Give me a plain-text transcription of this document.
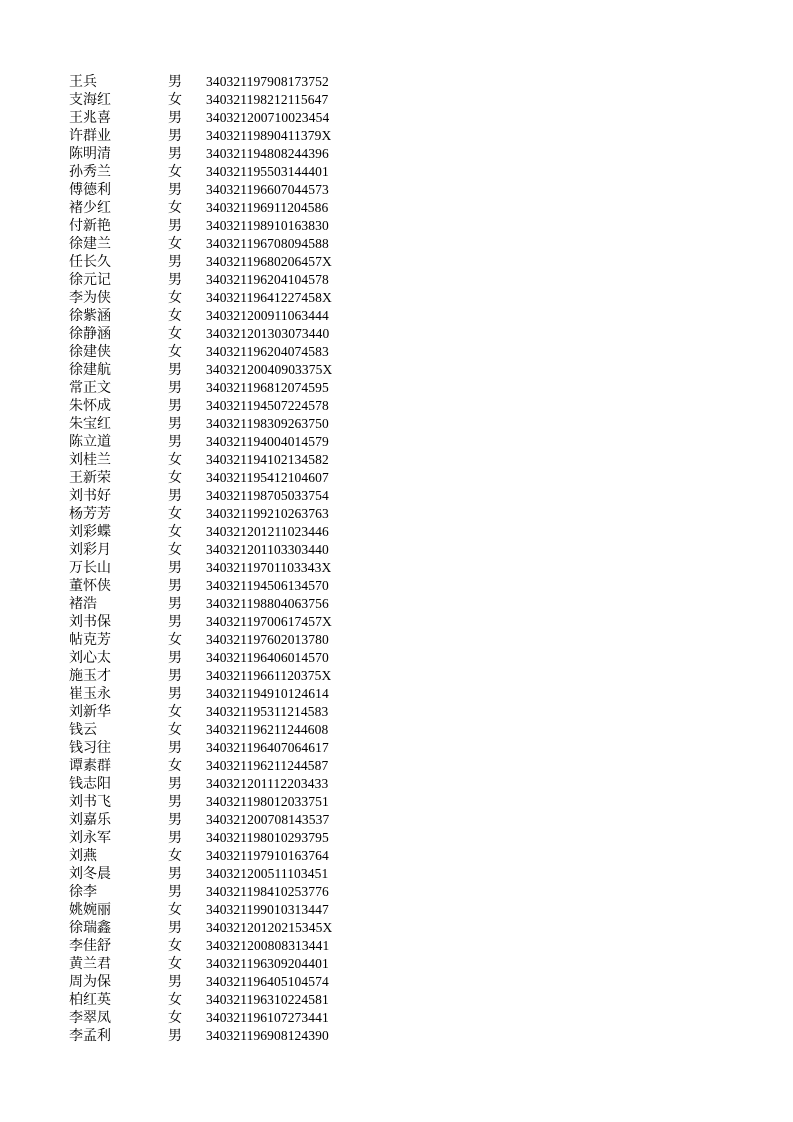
王兵	男 340321197908173752
支海红	女 340321198212115647
王兆喜	男 340321200710023454
许群业	男 34032119890411379X
陈明清	男 340321194808244396
孙秀兰	女 340321195503144401
傅德利	男 340321196607044573
褚少红	女 340321196911204586
付新艳	男 340321198910163830
徐建兰	女 340321196708094588
任长久	男 34032119680206457X
徐元记	男 340321196204104578
李为侠	女 34032119641227458X
徐紫涵	女 340321200911063444
徐静涵	女 340321201303073440
徐建侠	女 340321196204074583
徐建航	男 34032120040903375X
常正文	男 340321196812074595
朱怀成	男 340321194507224578
朱宝红	男 340321198309263750
陈立道	男 340321194004014579
刘桂兰	女 340321194102134582
王新荣	女 340321195412104607
刘书好	男 340321198705033754
杨芳芳	女 340321199210263763
刘彩蝶	女 340321201211023446
刘彩月	女 340321201103303440
万长山	男 34032119701103343X
董怀侠	男 340321194506134570
褚浩	男 340321198804063756
刘书保	男 34032119700617457X
帖克芳	女 340321197602013780
刘心太	男 340321196406014570
施玉才	男 34032119661120375X
崔玉永	男 340321194910124614
刘新华	女 340321195311214583
钱云	女 340321196211244608
钱习往	男 340321196407064617
谭素群	女 340321196211244587
钱志阳	男 340321201112203433
刘书飞	男 340321198012033751
刘嘉乐	男 340321200708143537
刘永军	男 340321198010293795
刘燕	女 340321197910163764
刘冬晨	男 340321200511103451
徐李	男 340321198410253776
姚婉丽	女 340321199010313447
徐瑞鑫	男 34032120120215345X
李佳舒	女 340321200808313441
黄兰君	女 340321196309204401
周为保	男 340321196405104574
柏红英	女 340321196310224581
李翠凤	女 340321196107273441
李孟利	男 340321196908124390
